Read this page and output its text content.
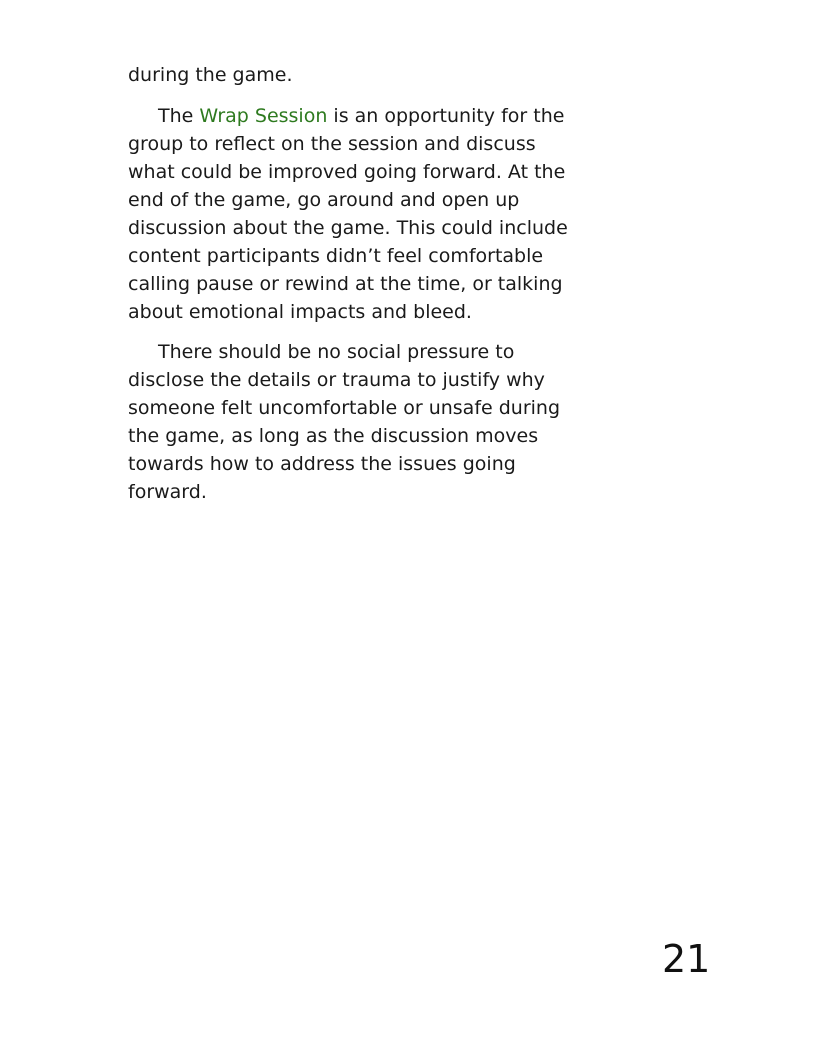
during the game.

The Wrap Session is an opportunity for the group to reflect on the session and discuss what could be improved going forward. At the end of the game, go around and open up discussion about the game. This could include content participants didn’t feel comfortable calling pause or rewind at the time, or talking about emotional impacts and bleed.

There should be no social pressure to disclose the details or trauma to justify why someone felt uncomfortable or unsafe during the game, as long as the discussion moves towards how to address the issues going forward.

21
